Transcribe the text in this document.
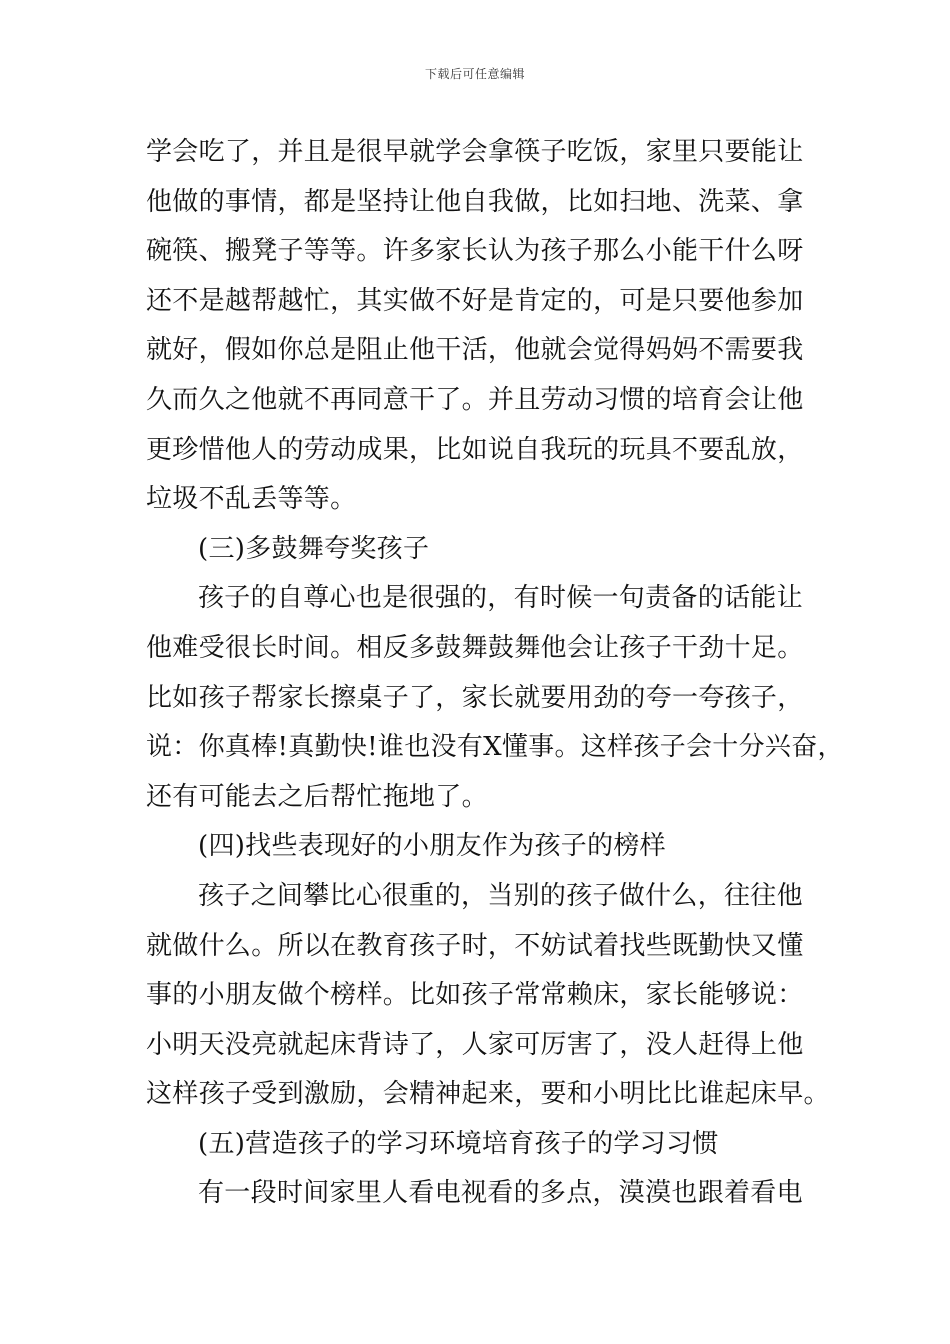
下载后可任意编辑
学会吃了，并且是很早就学会拿筷子吃饭，家里只要能让
他做的事情，都是坚持让他自我做，比如扫地、洗菜、拿
碗筷、搬凳子等等。许多家长认为孩子那么小能干什么呀
还不是越帮越忙，其实做不好是肯定的，可是只要他参加
就好，假如你总是阻止他干活，他就会觉得妈妈不需要我
久而久之他就不再同意干了。并且劳动习惯的培育会让他
更珍惜他人的劳动成果，比如说自我玩的玩具不要乱放，
垃圾不乱丢等等。
(三)多鼓舞夸奖孩子
孩子的自尊心也是很强的，有时候一句责备的话能让
他难受很长时间。相反多鼓舞鼓舞他会让孩子干劲十足。
比如孩子帮家长擦桌子了，家长就要用劲的夸一夸孩子，
说：你真棒!真勤快!谁也没有X懂事。这样孩子会十分兴奋，
还有可能去之后帮忙拖地了。
(四)找些表现好的小朋友作为孩子的榜样
孩子之间攀比心很重的，当别的孩子做什么，往往他
就做什么。所以在教育孩子时，不妨试着找些既勤快又懂
事的小朋友做个榜样。比如孩子常常赖床，家长能够说：
小明天没亮就起床背诗了，人家可厉害了，没人赶得上他
这样孩子受到激励，会精神起来，要和小明比比谁起床早。
(五)营造孩子的学习环境培育孩子的学习习惯
有一段时间家里人看电视看的多点，漠漠也跟着看电
